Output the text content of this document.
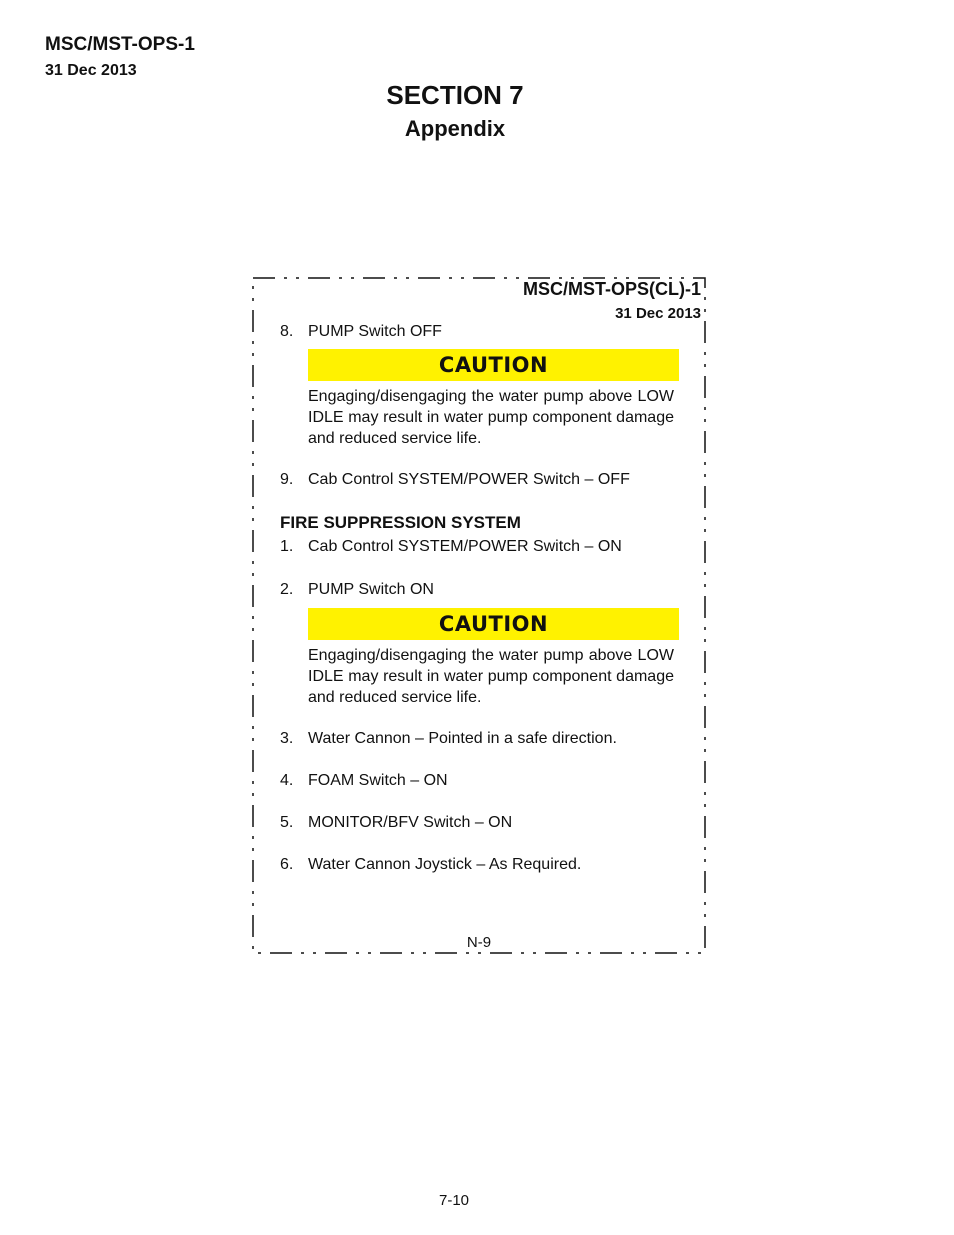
MSC/MST-OPS-1
31 Dec 2013
SECTION 7
Appendix
MSC/MST-OPS(CL)-1
31 Dec 2013
8. PUMP Switch OFF
CAUTION
Engaging/disengaging the water pump above LOW IDLE may result in water pump component damage and reduced service life.
9. Cab Control SYSTEM/POWER Switch – OFF
FIRE SUPPRESSION SYSTEM
1. Cab Control SYSTEM/POWER Switch – ON
2. PUMP Switch ON
CAUTION
Engaging/disengaging the water pump above LOW IDLE may result in water pump component damage and reduced service life.
3. Water Cannon – Pointed in a safe direction.
4. FOAM Switch – ON
5. MONITOR/BFV Switch – ON
6. Water Cannon Joystick – As Required.
N-9
7-10
